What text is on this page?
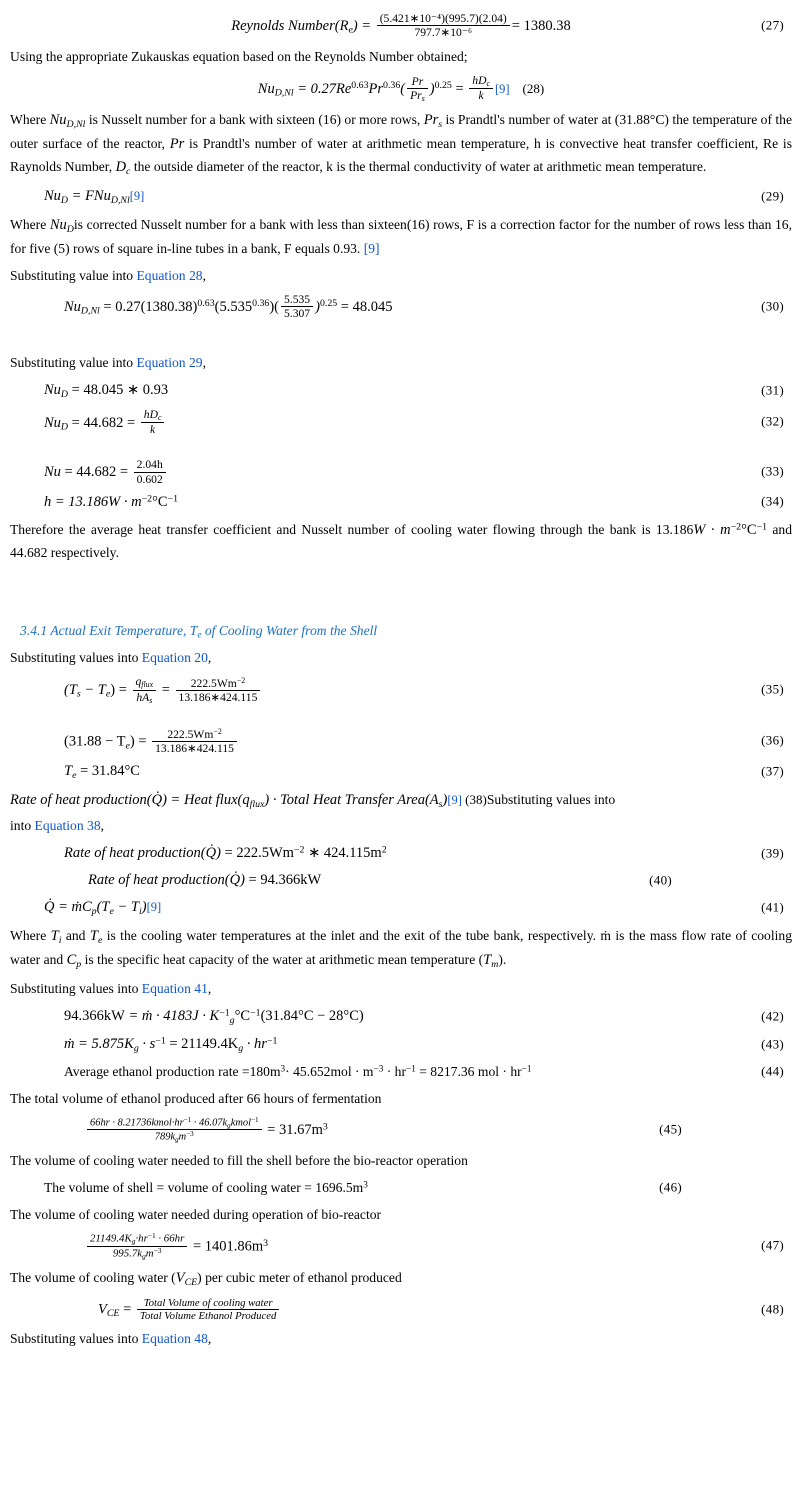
Reynolds $Number(R_e) = \frac{\text{(5.421∗10⁻⁴)(995.7)(2.04)}}{\text{797.7∗10⁻⁶}} = 1380.38$	(27)

Using the appropriate Zukauskas equation based on the Reynolds Number obtained;

$Nu_{D,Nl} = 0.27Re^{0.63}Pr^{0.36}( \frac{Pr}{Pr_s} )^{0.25} = \frac{hD_c}{k} [9]$ (28)

Where $Nu_{D,Nl}$ is Nusselt number for a bank with sixteen (16) or more rows, $Pr_s$ is Prandtl's number of water at (31.88°C) the temperature of the outer surface of the reactor, Pr is Prandtl's number of water at arithmetic mean temperature, h is convective heat transfer coefficient, Re is Raynolds Number, $D_c$ the outside diameter of the reactor, k is the thermal conductivity of water at arithmetic mean temperature.

$Nu_D = FNu_{D,Nl}[9]$	(29)

Where $Nu_Dis$ corrected Nusselt number for a bank with less than sixteen(16) rows, F is a correction factor for the number of rows less than 16, for five (5) rows of square in-line tubes in a bank, F equals 0.93. [9]

Substituting value into Equation 28,

$Nu_{D,Nl} = 0.27(1380.38)^{0.63}(5.535^{0.36})( \frac{5.535}{5.307} )^{0.25} = 48.045$	(30)

Substituting value into Equation 29,

$Nu_D = 48.045$ ∗ 0.93	(31)
$Nu_D = 44.682 = \frac{hD_c}{k}$	(32)
$Nu = 44.682 = \frac{2.04h}{0.602}$	(33)
$h = 13.186W \cdot m^{-2}^\circ C^{-1}$	(34)

Therefore the average heat transfer coefficient and Nusselt number of cooling water flowing through the bank is $13.186W \cdot m^{-2}^\circ C^{-1}$ and 44.682 respectively.

3.4.1 Actual Exit Temperature, $T_e$ of Cooling Water from the Shell

Substituting values into Equation 20,

$(T_s - T_e) = \frac{q_{flux}}{hA_s} = \frac{222.5Wm^{-2}}{13.186∗424.115}$	(35)
$(31.88 - T_e) = \frac{222.5Wm^{-2}}{13.186∗424.115}$	(36)
$T_e = 31.84^\circ C$	(37)

Rate of heat production(Q̇) = Heat $flux(q_{flux})$ · Total Heat Transfer $Area(A_s)[9]$ (38)Substituting values into

into Equation 38,

Rate of heat production(Q̇) = $222.5Wm^{-2}$ ∗ $424.115m^2$	(39)
Rate of heat production(Q̇) = 94.366kW	(40)
Q̇ = $ṁC_p(T_e - T_i)[9]$	(41)

Where $T_i$ and $T_e$ is the cooling water temperatures at the inlet and the exit of the tube bank, respectively. ṁ is the mass flow rate of cooling water and $C_p$ is the specific heat capacity of the water at arithmetic mean temperature $(T_m)$.

Substituting values into Equation 41,

94.366kW = ṁ · $4183J \cdot K^{-1}_g^\circ C^{-1}(31.84^\circ C - 28^\circ C)$	(42)
ṁ = $5.875K_g \cdot s^{-1} = 21149.4K_g \cdot hr^{-1}$	(43)
Average ethanol production rate $=180m^3\cdot 45.652mol \cdot m^{-3} \cdot hr^{-1} = 8217.36$ mol · $hr^{-1}$	(44)

The total volume of ethanol produced after 66 hours of fermentation

$\frac{66hr \cdot 8.21736kmol\cdot hr^{-1} \cdot 46.07k_gkmol^{-1}}{789k_gm^{-3}} = 31.67m^3$	(45)

The volume of cooling water needed to fill the shell before the bio-reactor operation

The volume of shell = volume of cooling water = $1696.5m^3$	(46)

The volume of cooling water needed during operation of bio-reactor

$\frac{21149.4K_g\cdot hr^{-1} \cdot 66hr}{995.7k_gm^{-3}} = 1401.86m^3$	(47)

The volume of cooling water $(V_{CE})$ per cubic meter of ethanol produced

$V_{CE} = \frac{\text{Total Volume of cooling water}}{\text{Total Volume Ethanol Produced}}$	(48)

Substituting values into Equation 48,
